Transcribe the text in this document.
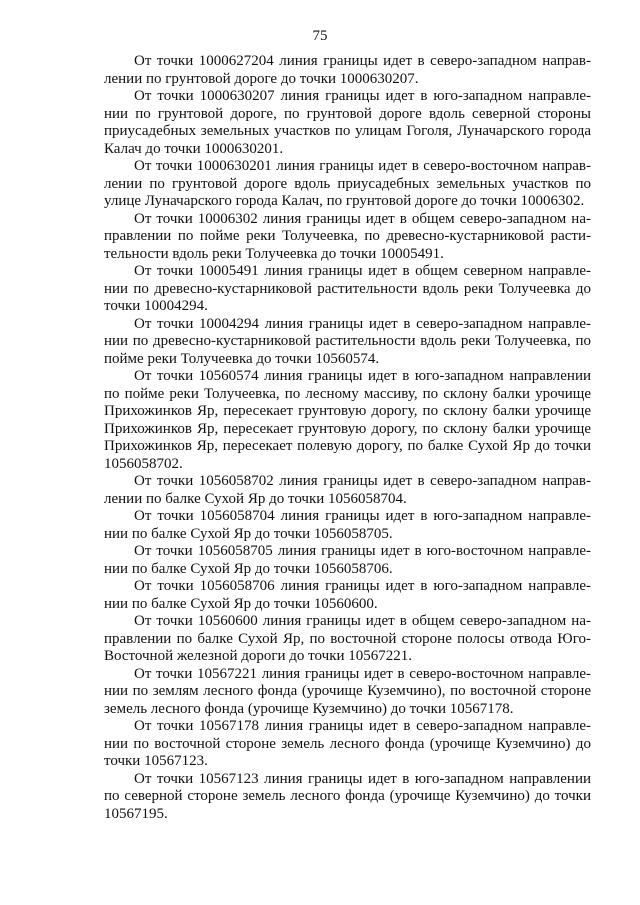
75

От точки 1000627204 линия границы идет в северо-западном направлении по грунтовой дороге до точки 1000630207.

От точки 1000630207 линия границы идет в юго-западном направлении по грунтовой дороге, по грунтовой дороге вдоль северной стороны приусадебных земельных участков по улицам Гоголя, Луначарского города Калач до точки 1000630201.

От точки 1000630201 линия границы идет в северо-восточном направлении по грунтовой дороге вдоль приусадебных земельных участков по улице Луначарского города Калач, по грунтовой дороге до точки 10006302.

От точки 10006302 линия границы идет в общем северо-западном направлении по пойме реки Толучеевка, по древесно-кустарниковой растительности вдоль реки Толучеевка до точки 10005491.

От точки 10005491 линия границы идет в общем северном направлении по древесно-кустарниковой растительности вдоль реки Толучеевка до точки 10004294.

От точки 10004294 линия границы идет в северо-западном направлении по древесно-кустарниковой растительности вдоль реки Толучеевка, по пойме реки Толучеевка до точки 10560574.

От точки 10560574 линия границы идет в юго-западном направлении по пойме реки Толучеевка, по лесному массиву, по склону балки урочище Прихожинков Яр, пересекает грунтовую дорогу, по склону балки урочище Прихожинков Яр, пересекает грунтовую дорогу, по склону балки урочище Прихожинков Яр, пересекает полевую дорогу, по балке Сухой Яр до точки 1056058702.

От точки 1056058702 линия границы идет в северо-западном направлении по балке Сухой Яр до точки 1056058704.

От точки 1056058704 линия границы идет в юго-западном направлении по балке Сухой Яр до точки 1056058705.

От точки 1056058705 линия границы идет в юго-восточном направлении по балке Сухой Яр до точки 1056058706.

От точки 1056058706 линия границы идет в юго-западном направлении по балке Сухой Яр до точки 10560600.

От точки 10560600 линия границы идет в общем северо-западном направлении по балке Сухой Яр, по восточной стороне полосы отвода Юго-Восточной железной дороги до точки 10567221.

От точки 10567221 линия границы идет в северо-восточном направлении по землям лесного фонда (урочище Куземчино), по восточной стороне земель лесного фонда (урочище Куземчино) до точки 10567178.

От точки 10567178 линия границы идет в северо-западном направлении по восточной стороне земель лесного фонда (урочище Куземчино) до точки 10567123.

От точки 10567123 линия границы идет в юго-западном направлении по северной стороне земель лесного фонда (урочище Куземчино) до точки 10567195.
